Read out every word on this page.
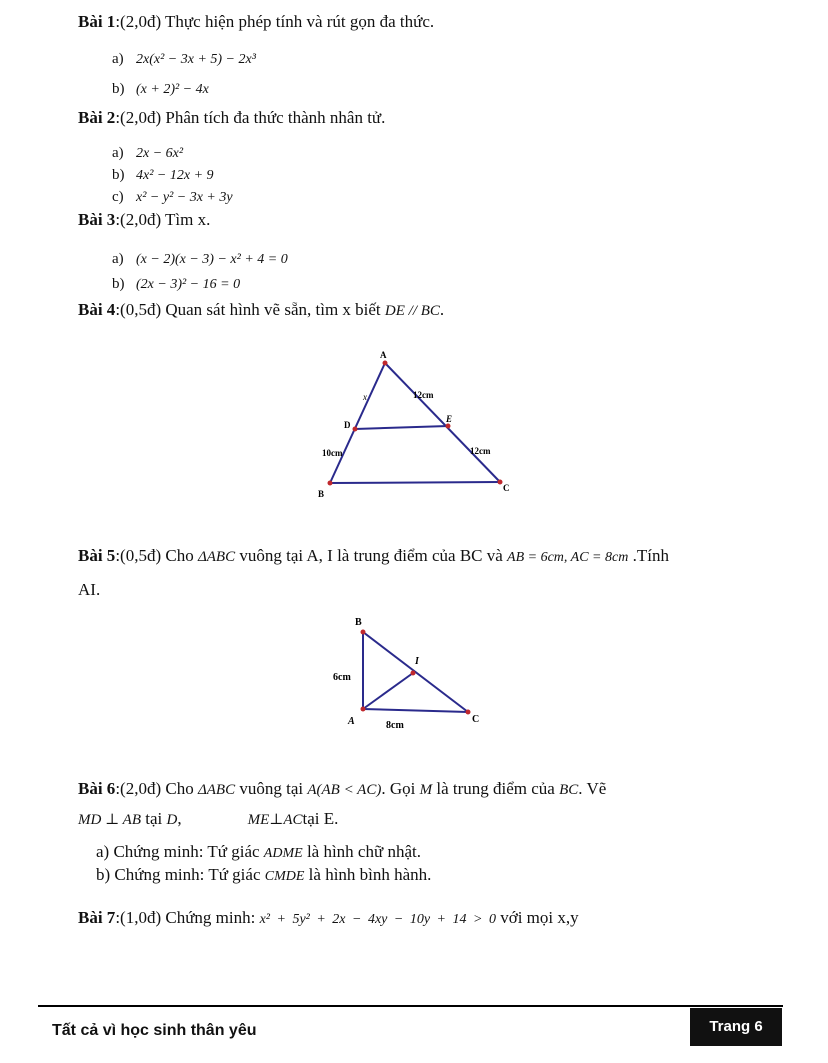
Bài 1:(2,0đ) Thực hiện phép tính và rút gọn đa thức.
a) 2x(x² − 3x + 5) − 2x³
b) (x + 2)² − 4x
Bài 2:(2,0đ) Phân tích đa thức thành nhân tử.
a) 2x − 6x²
b) 4x² − 12x + 9
c) x² − y² − 3x + 3y
Bài 3:(2,0đ) Tìm x.
a) (x − 2)(x − 3) − x² + 4 = 0
b) (2x − 3)² − 16 = 0
Bài 4:(0,5đ) Quan sát hình vẽ sẵn, tìm x biết DE // BC.
A
D
E
B
C
x	12cm
10cm	12cm
Bài 5:(0,5đ) Cho ΔABC vuông tại A, I là trung điểm của BC và AB = 6cm, AC = 8cm .Tính
AI.
B
I
A	C
6cm
8cm
Bài 6:(2,0đ) Cho ΔABC vuông tại A(AB < AC). Gọi M là trung điểm của BC. Vẽ
MD ⊥ AB tại D,	ME⊥ACtại E.
a) Chứng minh: Tứ giác ADME là hình chữ nhật.
b) Chứng minh: Tứ giác CMDE là hình bình hành.
Bài 7:(1,0đ) Chứng minh: x² + 5y² + 2x − 4xy − 10y + 14 > 0 với mọi x,y
Tất cả vì học sinh thân yêu	Trang 6
